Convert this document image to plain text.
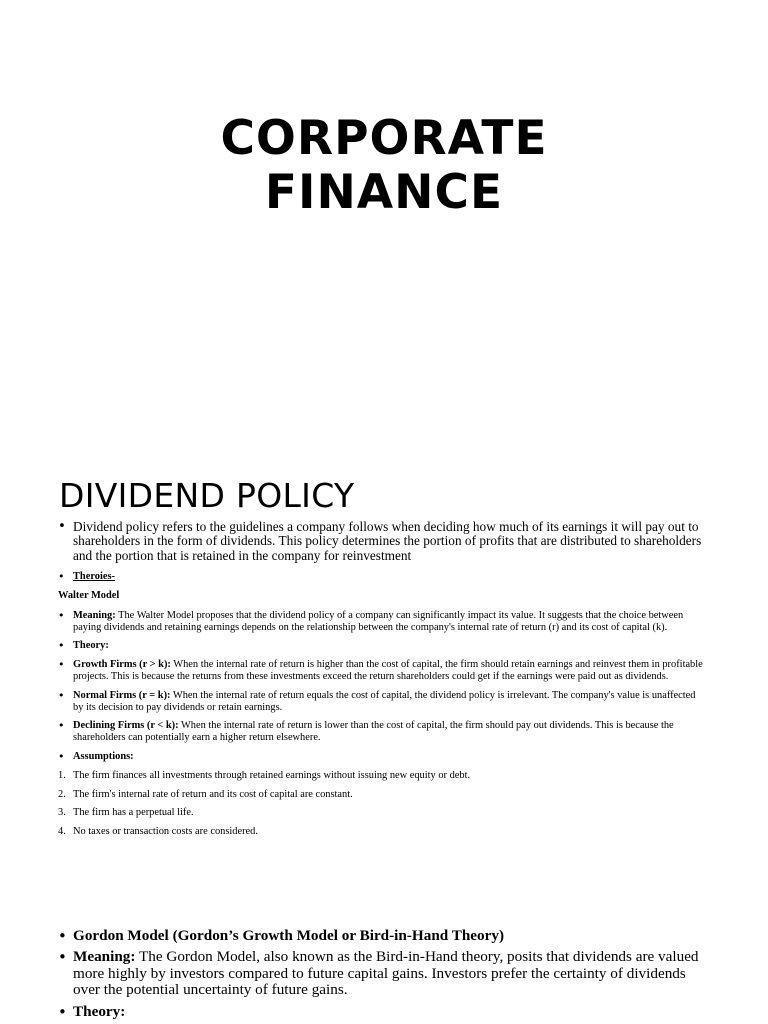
CORPORATE
FINANCE
DIVIDEND POLICY
• Dividend policy refers to the guidelines a company follows when deciding how much of its earnings it will pay out to shareholders in the form of dividends. This policy determines the portion of profits that are distributed to shareholders and the portion that is retained in the company for reinvestment
• Theroies-
Walter Model
• Meaning: The Walter Model proposes that the dividend policy of a company can significantly impact its value. It suggests that the choice between paying dividends and retaining earnings depends on the relationship between the company's internal rate of return (r) and its cost of capital (k).
• Theory:
• Growth Firms (r > k): When the internal rate of return is higher than the cost of capital, the firm should retain earnings and reinvest them in profitable projects. This is because the returns from these investments exceed the return shareholders could get if the earnings were paid out as dividends.
• Normal Firms (r = k): When the internal rate of return equals the cost of capital, the dividend policy is irrelevant. The company's value is unaffected by its decision to pay dividends or retain earnings.
• Declining Firms (r < k): When the internal rate of return is lower than the cost of capital, the firm should pay out dividends. This is because the shareholders can potentially earn a higher return elsewhere.
• Assumptions:
1. The firm finances all investments through retained earnings without issuing new equity or debt.
2. The firm's internal rate of return and its cost of capital are constant.
3. The firm has a perpetual life.
4. No taxes or transaction costs are considered.
• Gordon Model (Gordon’s Growth Model or Bird-in-Hand Theory)
• Meaning: The Gordon Model, also known as the Bird-in-Hand theory, posits that dividends are valued more highly by investors compared to future capital gains. Investors prefer the certainty of dividends over the potential uncertainty of future gains.
• Theory:
